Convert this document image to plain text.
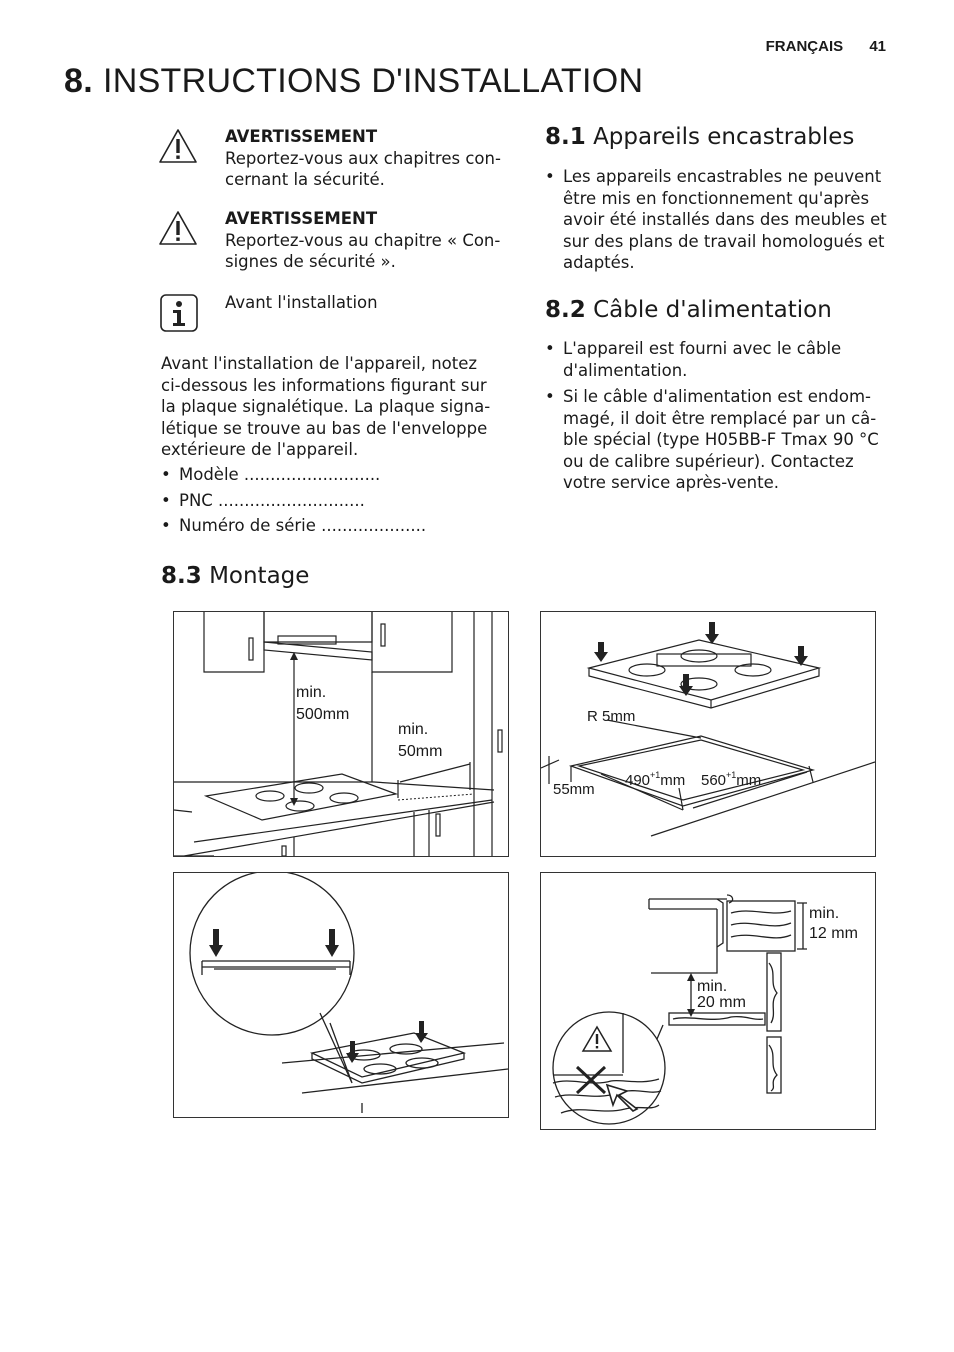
FRANÇAIS 41
8. INSTRUCTIONS D'INSTALLATION
AVERTISSEMENT
Reportez-vous aux chapitres con-
cernant la sécurité.
AVERTISSEMENT
Reportez-vous au chapitre « Con-
signes de sécurité ».
Avant l'installation
Avant l'installation de l'appareil, notez
ci-dessous les informations figurant sur
la plaque signalétique. La plaque signa-
létique se trouve au bas de l'enveloppe
extérieure de l'appareil.
• Modèle ..........................
• PNC ............................
• Numéro de série ....................
8.1 Appareils encastrables
• Les appareils encastrables ne peuvent
être mis en fonctionnement qu'après
avoir été installés dans des meubles et
sur des plans de travail homologués et
adaptés.
8.2 Câble d'alimentation
• L'appareil est fourni avec le câble
d'alimentation.
• Si le câble d'alimentation est endom-
magé, il doit être remplacé par un câ-
ble spécial (type H05BB-F Tmax 90 °C
ou de calibre supérieur). Contactez
votre service après-vente.
8.3 Montage
min.
500mm
min.
50mm
R 5mm
55mm
$490^{+1}mm$ $560^{+1}mm$
min.
12 mm
min.
20 mm
